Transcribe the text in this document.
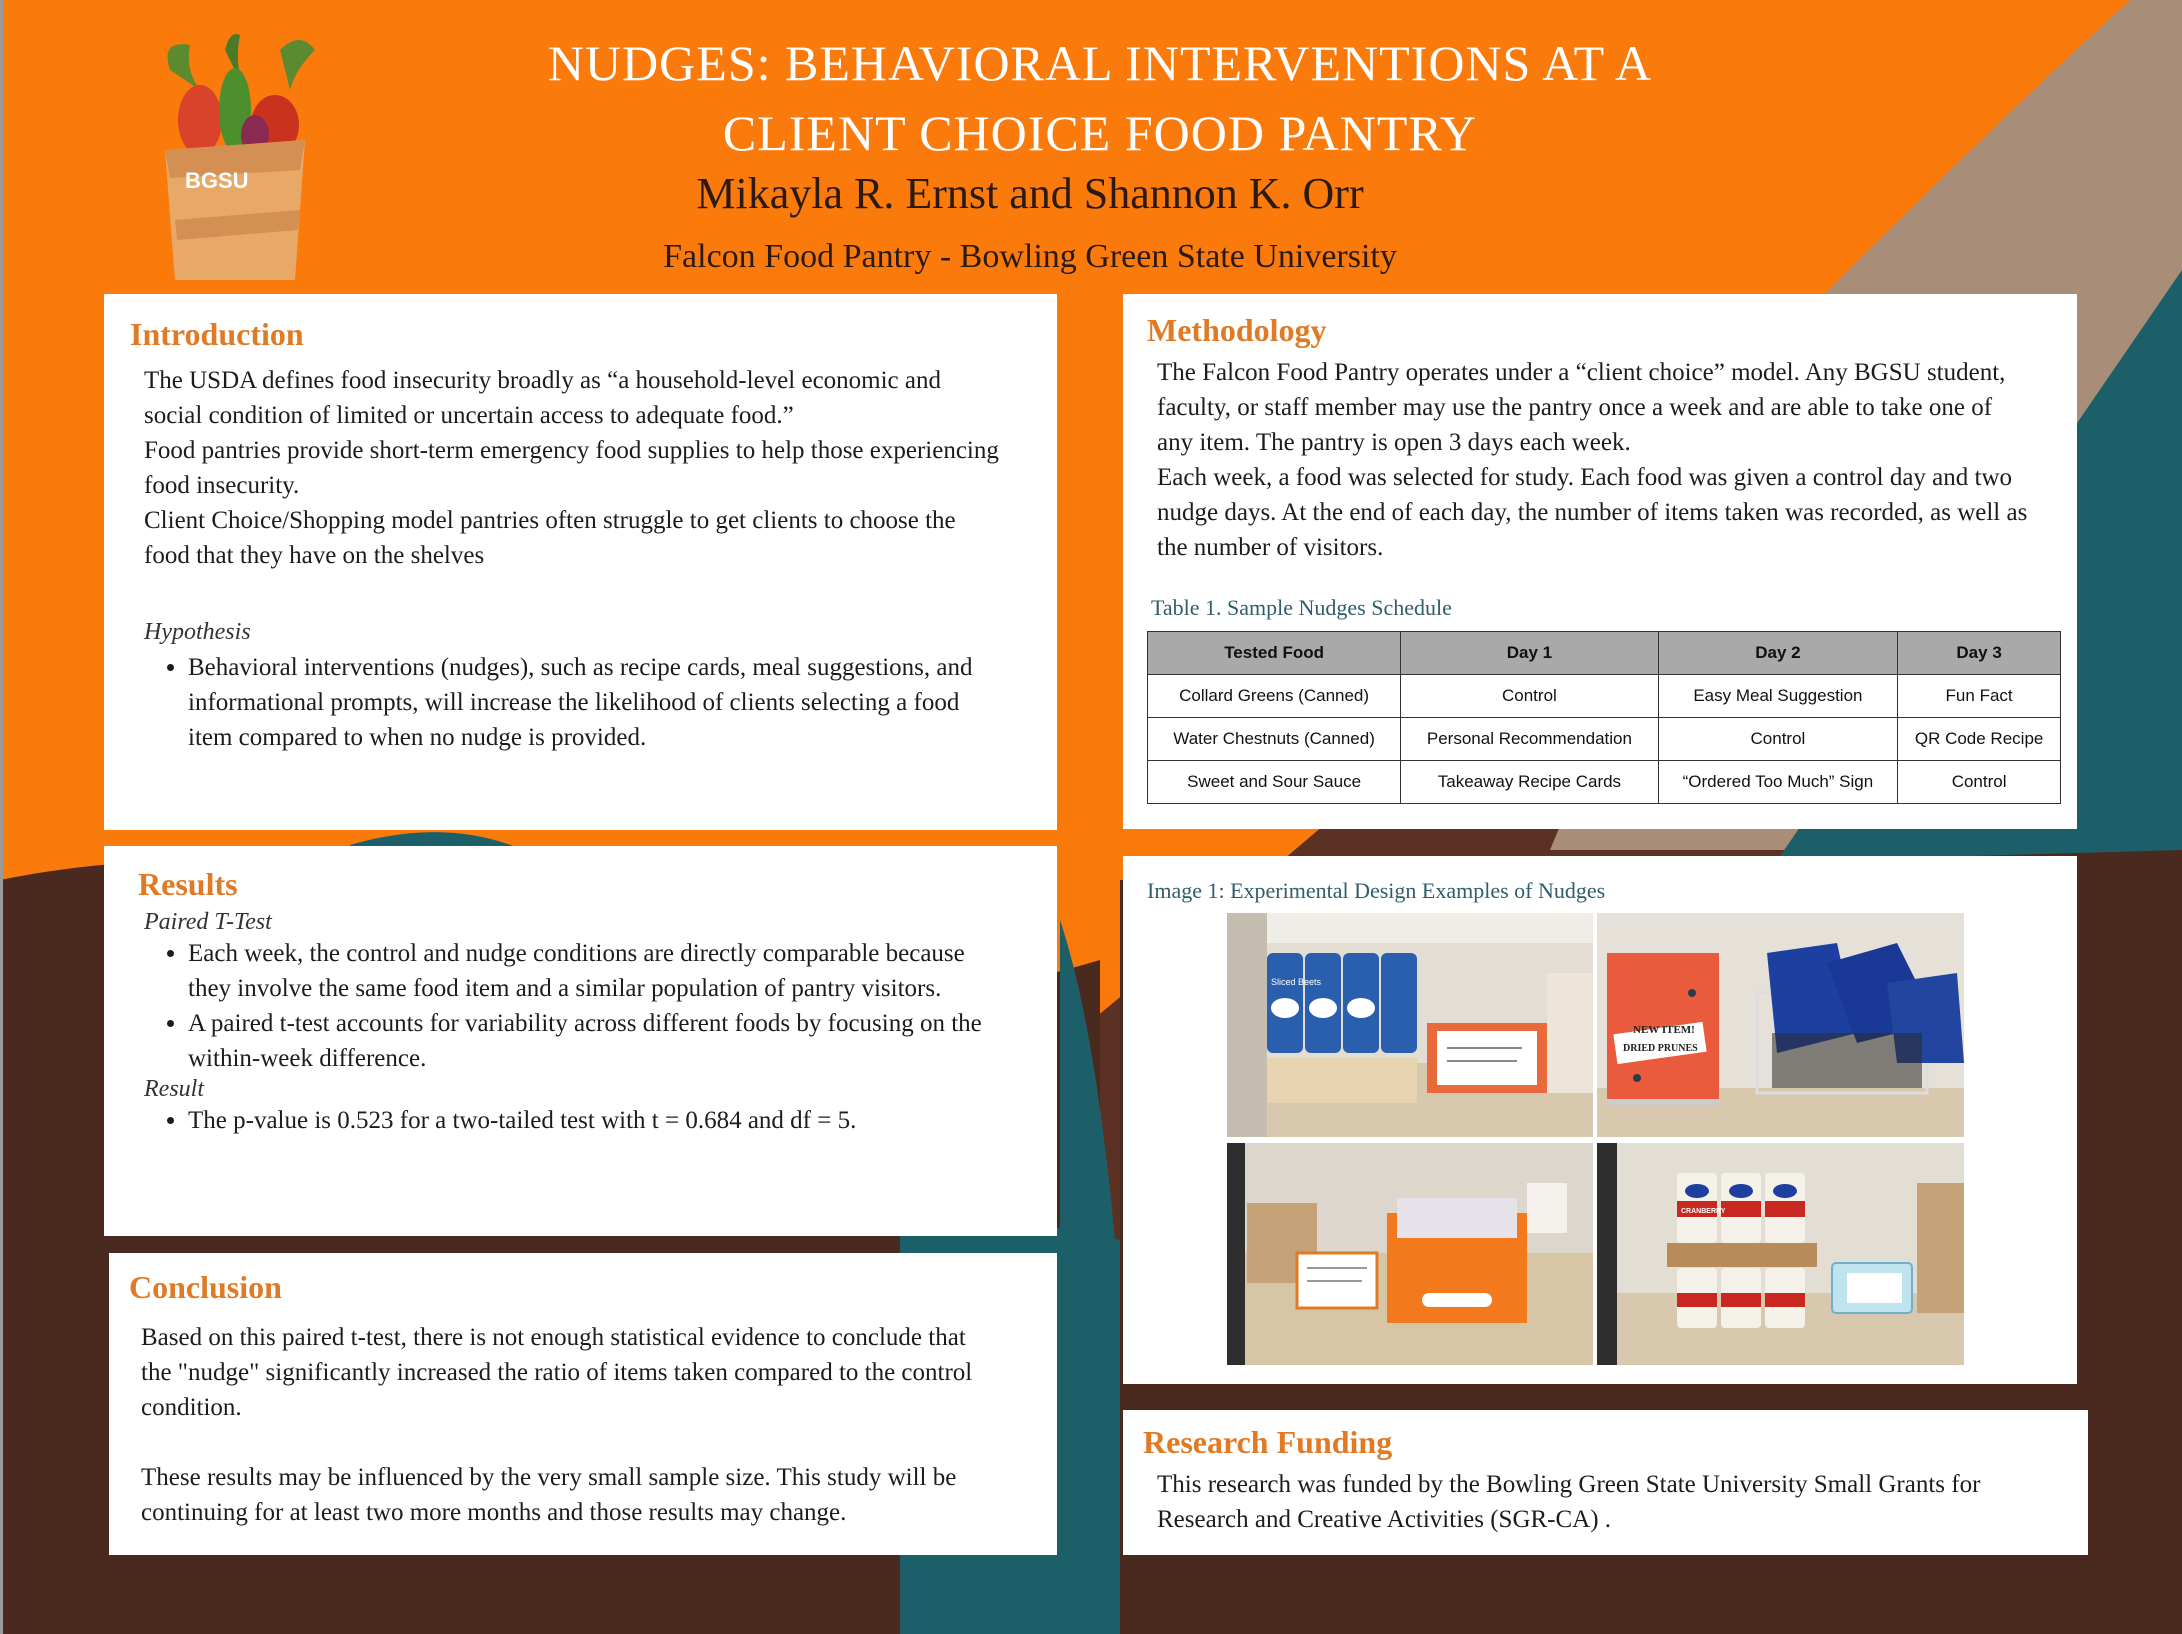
BGSU
NUDGES: BEHAVIORAL INTERVENTIONS AT A
CLIENT CHOICE FOOD PANTRY
Mikayla R. Ernst and Shannon K. Orr
Falcon Food Pantry - Bowling Green State University
Introduction

The USDA defines food insecurity broadly as “a household-level economic and social condition of limited or uncertain access to adequate food.”

Food pantries provide short-term emergency food supplies to help those experiencing food insecurity.

Client Choice/Shopping model pantries often struggle to get clients to choose the food that they have on the shelves

Hypothesis

• Behavioral interventions (nudges), such as recipe cards, meal suggestions, and informational prompts, will increase the likelihood of clients selecting a food item compared to when no nudge is provided.
Results

Paired T-Test

• Each week, the control and nudge conditions are directly comparable because they involve the same food item and a similar population of pantry visitors.
• A paired t-test accounts for variability across different foods by focusing on the within-week difference.

Result

• The p-value is 0.523 for a two-tailed test with t = 0.684 and df = 5.
Conclusion

Based on this paired t-test, there is not enough statistical evidence to conclude that the "nudge" significantly increased the ratio of items taken compared to the control condition.

These results may be influenced by the very small sample size. This study will be continuing for at least two more months and those results may change.

Methodology

The Falcon Food Pantry operates under a “client choice” model. Any BGSU student, faculty, or staff member may use the pantry once a week and are able to take one of any item. The pantry is open 3 days each week.

Each week, a food was selected for study. Each food was given a control day and two nudge days. At the end of each day, the number of items taken was recorded, as well as the number of visitors.

Table 1. Sample Nudges Schedule

Tested Food	Day 1	Day 2	Day 3
Collard Greens (Canned)	Control	Easy Meal Suggestion	Fun Fact
Water Chestnuts (Canned)	Personal Recommendation	Control	QR Code Recipe
Sweet and Sour Sauce	Takeaway Recipe Cards	“Ordered Too Much” Sign	Control

Image 1: Experimental Design Examples of Nudges

Sliced Beets
NEW ITEM!
DRIED PRUNES
CRANBERRY
Research Funding

This research was funded by the Bowling Green State University Small Grants for Research and Creative Activities (SGR-CA) .
